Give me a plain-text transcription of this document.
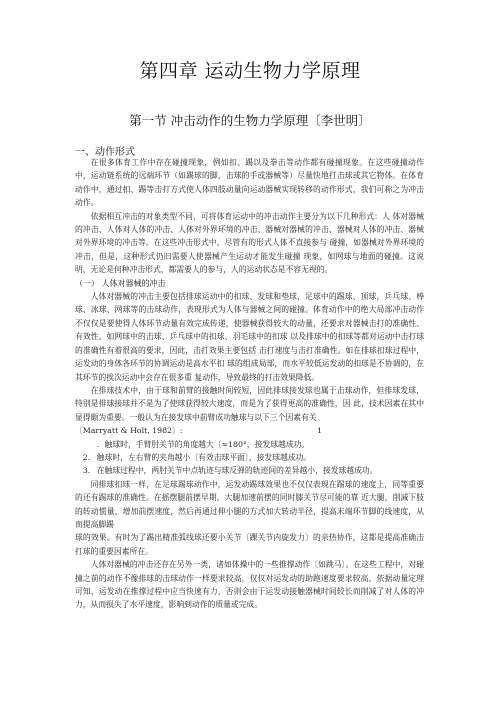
第四章 运动生物力学原理
第一节 冲击动作的生物力学原理〔李世明〕
一、动作形式

在很多体育工作中存在碰撞现象，例如扣、踢以及拳击等动作都有碰撞现象。在这些碰撞动作中，运动链系统的远端环节（如踢球的脚，击球的手或器械等）尽量快地打击球或其它物体。在体育动作中，通过扣、踢等击打方式使人体四肢动量向运动器械实现转移的动作形式，我们可称之为冲击动作。

依据相互冲击的对象类型不同，可将体育运动中的冲击动作主要分为以下几种形式：人 体对器械的冲击、人体对人体的冲击、人体对外界环境的冲击、器械对器械的冲击、器械对人体的冲击、器械对外界环境的冲击等。在这些冲击形式中，尽管有的形式人体不直接参与 碰撞，如器械对外界环境的冲击，但是，这种形式仍旧需要人使器械产生运动才能发生碰撞 现象，如网球与地面的碰撞。这说明，无论是何种冲击形式，都需要人的参与，人的运动状态是不容无视的。

（一） 人体对器械的冲击

人体对器械的冲击主要包括排球运动中的扣球、发球和垫球，足球中的踢球、顶球，乒乓球、棒球、冰球、网球等的击球动作，表现形式为人体与器械之间的碰撞。体育动作中的绝大局部冲击动作不仅仅是要使得人体环节动量有效完成传递，使器械获得较大的动量，还要求对器械击打的准确性、有效性。如网球中的击球、乒乓球中的扣球、羽毛球中的扣球 以及排球中的扣球等都对运动中击打球的准确性有着很高的要求，因此，击打效果主要包括 击打速度与击打准确性。如在排球扣球过程中，运发动的身体各环节的协调运动是高水平扣 球的组成局部，而水平较低运发动的扣球是不协调的，在其环节的挨次运动中会存在很多重 复动作，导致最终的打击效果降低。

在排球技术中，由于球和前臂的接触时间较短，因此排球接发球也属于击球动作，但排球发球，特别是排球接球并不是为了使球获得较大速度，而是为了获得更高的准确性，因 此，技术因素在其中显得颇为重要。一般认为在接发球中前臂成功触球与以下三个因素有关

〔Marryatt & Holt, 1982〕:	1

．触球时，手臂肘关节的角度越大〔≈180°，接发球越成功。

2. 触球时，左右臂的夹角越小〔有效击球平面〕，接发球越成功。

3. 在触球过程中，两肘关节中点轨迹与球反弹的轨迹间的差异越小，接发球越成功。

同排球扣球一样，在足球踢球动作中，运发动踢球效果也不仅仅表现在踢球的速度上，同等重要的还有踢球的准确性。在摇摆腿前摆早期，大腿加速前摆的同时膝关节尽可能的靠 近大腿，削减下肢的转动惯量，增加前摆速度，然后再通过伸小腿的方式加大转动半径，提高末端环节脚的线速度，从而提高脚踢

球的效果。有时为了踢出精准弧线球还要小关节〔踝关节内旋发力〕的亲热协作，这都是提高准确击打球的重要因素所在。

人体对器械的冲击还存在另外一类，诸如体操中的一些推撑动作〔如跳马〕。在这些工程中，对碰撞之前的动作不像排球的击球动作一样要求较高，仅仅对运发动的助跑速度要求较高，依据动量定理可知，运发动在推撑过程中应当快速有力，否则会由于运发动接触器械时间较长而削减了对人体的冲力，从而损失了水平速度，影响到动作的质量或完成。
